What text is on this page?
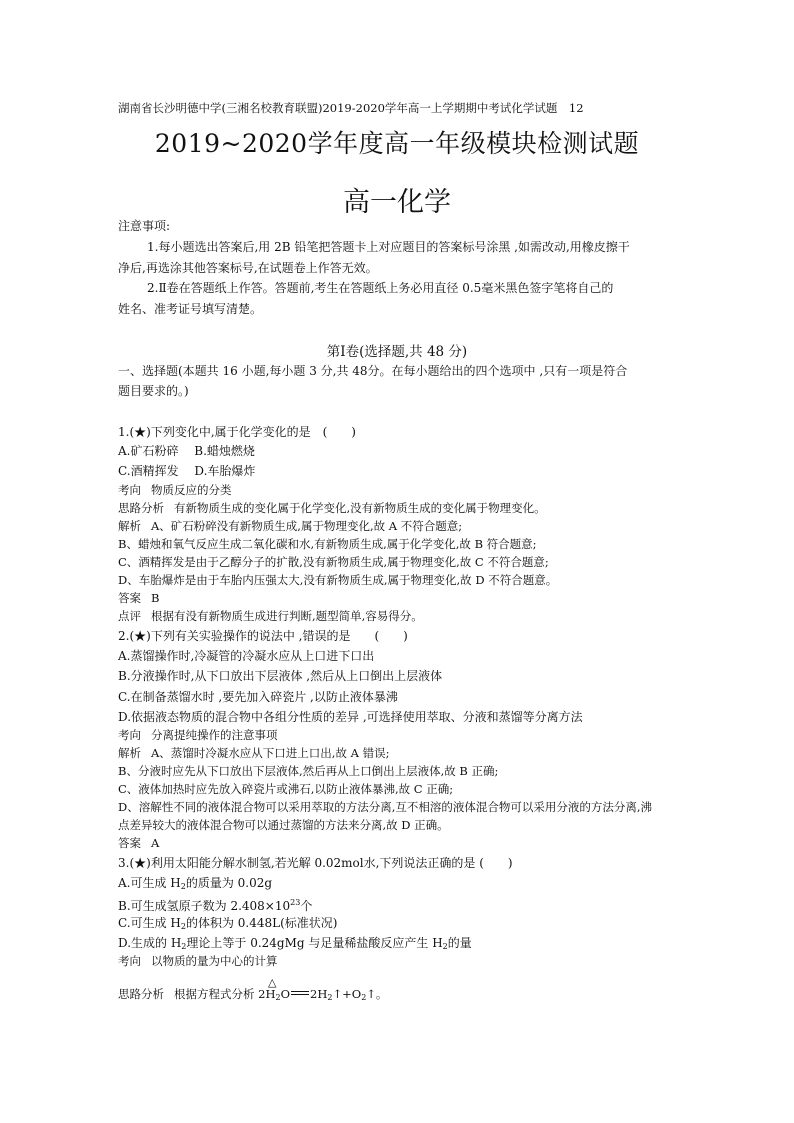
湖南省长沙明德中学(三湘名校教育联盟)2019-2020学年高一上学期期中考试化学试题　12
2019~2020学年度高一年级模块检测试题
高一化学
注意事项:
1.每小题选出答案后,用 2B 铅笔把答题卡上对应题目的答案标号涂黑 ,如需改动,用橡皮擦干
净后,再选涂其他答案标号,在试题卷上作答无效。
2.Ⅱ卷在答题纸上作答。答题前,考生在答题纸上务必用直径 0.5毫米黑色签字笔将自己的
姓名、准考证号填写清楚。
第Ⅰ卷(选择题,共 48 分)
一、选择题(本题共 16 小题,每小题 3 分,共 48分。在每小题给出的四个选项中 ,只有一项是符合
题目要求的。)
1.(★)下列变化中,属于化学变化的是　(　　)
A.矿石粉碎　 B.蜡烛燃烧
C.酒精挥发　 D.车胎爆炸
考向 物质反应的分类
思路分析 有新物质生成的变化属于化学变化,没有新物质生成的变化属于物理变化。
解析 A、矿石粉碎没有新物质生成,属于物理变化,故 A 不符合题意;
B、蜡烛和氧气反应生成二氧化碳和水,有新物质生成,属于化学变化,故 B 符合题意;
C、酒精挥发是由于乙醇分子的扩散,没有新物质生成,属于物理变化,故 C 不符合题意;
D、车胎爆炸是由于车胎内压强太大,没有新物质生成,属于物理变化,故 D 不符合题意。
答案 B
点评 根据有没有新物质生成进行判断,题型简单,容易得分。
2.(★)下列有关实验操作的说法中 ,错误的是　　(　　)
A.蒸馏操作时,冷凝管的冷凝水应从上口进下口出
B.分液操作时,从下口放出下层液体 ,然后从上口倒出上层液体
C.在制备蒸馏水时 ,要先加入碎瓷片 ,以防止液体暴沸
D.依据液态物质的混合物中各组分性质的差异 ,可选择使用萃取、分液和蒸馏等分离方法
考向 分离提纯操作的注意事项
解析 A、蒸馏时冷凝水应从下口进上口出,故 A 错误;
B、分液时应先从下口放出下层液体,然后再从上口倒出上层液体,故 B 正确;
C、液体加热时应先放入碎瓷片或沸石,以防止液体暴沸,故 C 正确;
D、溶解性不同的液体混合物可以采用萃取的方法分离,互不相溶的液体混合物可以采用分液的方法分离,沸
点差异较大的液体混合物可以通过蒸馏的方法来分离,故 D 正确。
答案 A
3.(★)利用太阳能分解水制氢,若光解 0.02mol水,下列说法正确的是 (　　)
A.可生成 $H_2$的质量为 0.02g
B.可生成氢原子数为 $2.408\times 10^{23}$个
C.可生成 $H_2$的体积为 0.448L(标准状况)
D.生成的 $H_2$理论上等于 0.24gMg 与足量稀盐酸反应产生 $H_2$的量
考向 以物质的量为中心的计算
△
思路分析 根据方程式分析 $2H_2O$ $2H_2↑+O_2↑$。
